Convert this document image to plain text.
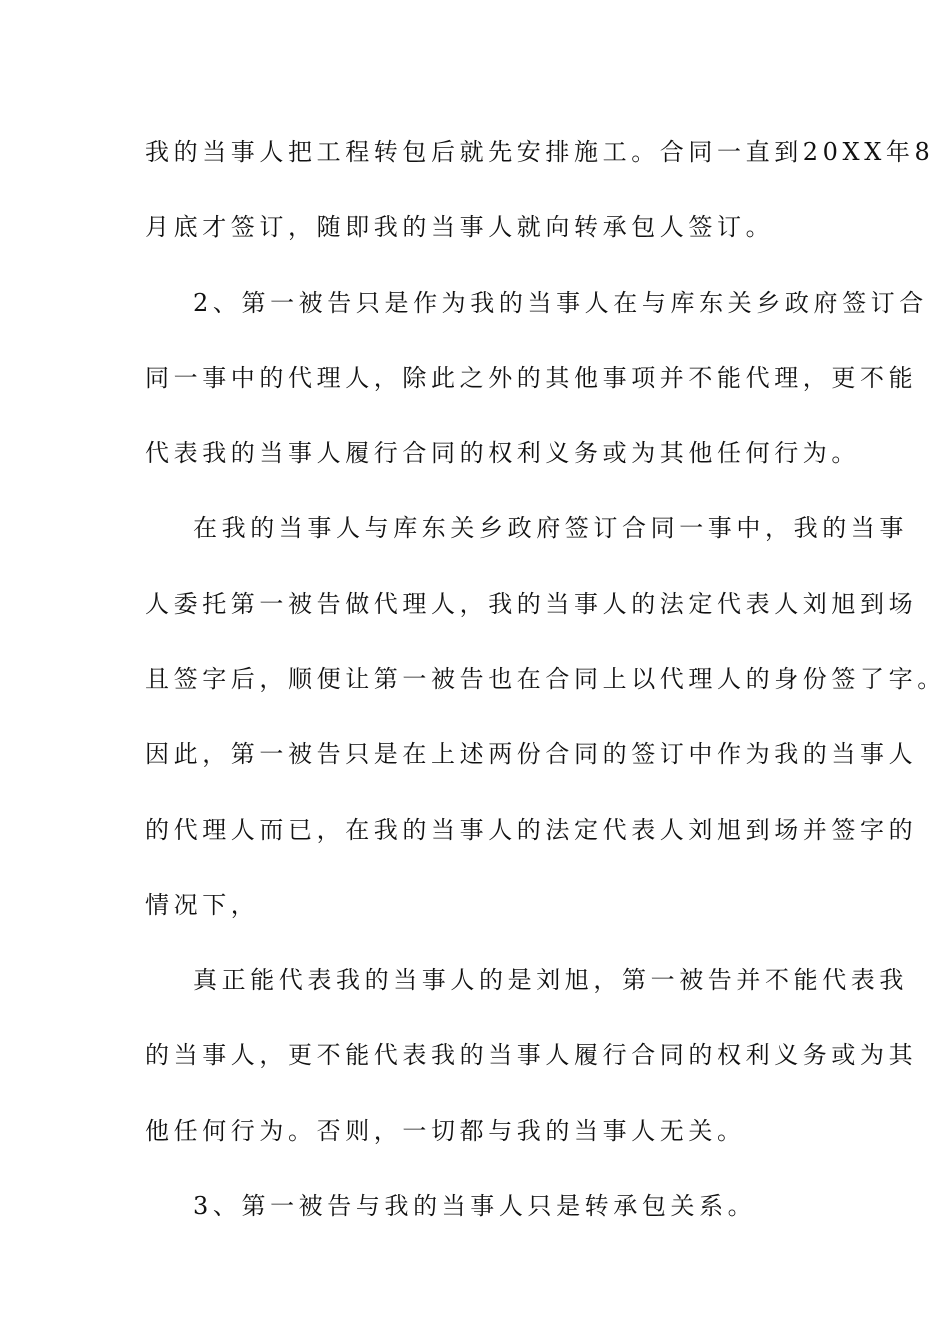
我的当事人把工程转包后就先安排施工。合同一直到20XX年8
月底才签订，随即我的当事人就向转承包人签订。
2、第一被告只是作为我的当事人在与库东关乡政府签订合
同一事中的代理人，除此之外的其他事项并不能代理，更不能
代表我的当事人履行合同的权利义务或为其他任何行为。
在我的当事人与库东关乡政府签订合同一事中，我的当事
人委托第一被告做代理人，我的当事人的法定代表人刘旭到场
且签字后，顺便让第一被告也在合同上以代理人的身份签了字。
因此，第一被告只是在上述两份合同的签订中作为我的当事人
的代理人而已，在我的当事人的法定代表人刘旭到场并签字的
情况下，
真正能代表我的当事人的是刘旭，第一被告并不能代表我
的当事人，更不能代表我的当事人履行合同的权利义务或为其
他任何行为。否则，一切都与我的当事人无关。
3、第一被告与我的当事人只是转承包关系。
